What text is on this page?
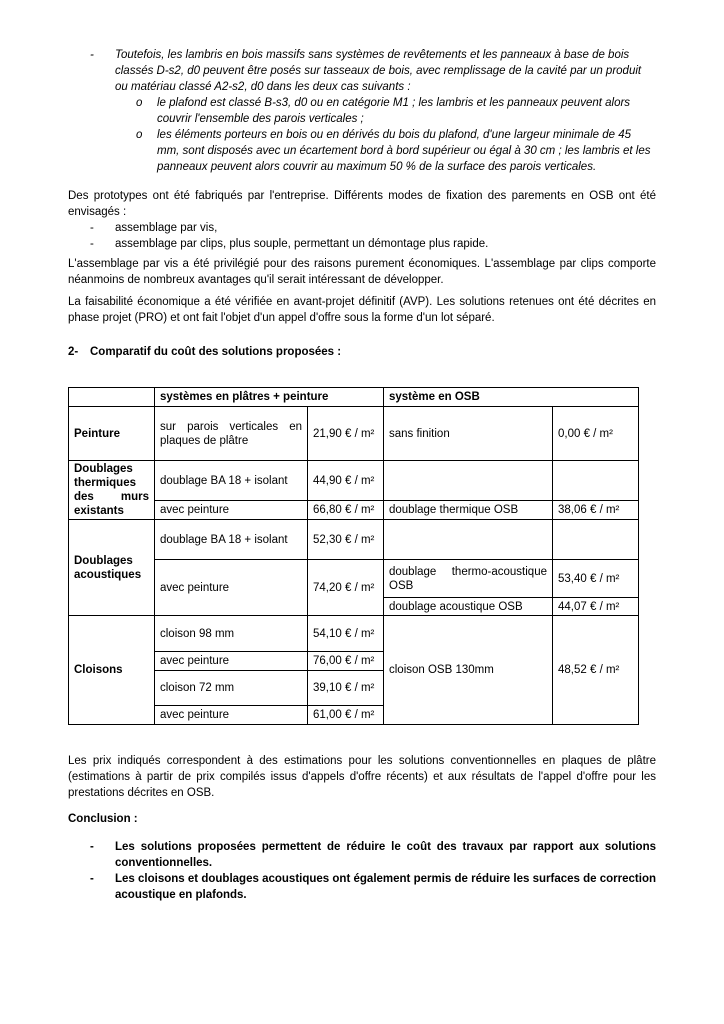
-	Toutefois, les lambris en bois massifs sans systèmes de revêtements et les panneaux à base de bois classés D-s2, d0 peuvent être posés sur tasseaux de bois, avec remplissage de la cavité par un produit ou matériau classé A2-s2, d0 dans les deux cas suivants :
o	le plafond est classé B-s3, d0 ou en catégorie M1 ; les lambris et les panneaux peuvent alors couvrir l'ensemble des parois verticales ;
o	les éléments porteurs en bois ou en dérivés du bois du plafond, d'une largeur minimale de 45 mm, sont disposés avec un écartement bord à bord supérieur ou égal à 30 cm ; les lambris et les panneaux peuvent alors couvrir au maximum 50 % de la surface des parois verticales.

Des prototypes ont été fabriqués par l'entreprise. Différents modes de fixation des parements en OSB ont été envisagés :

-	assemblage par vis,
-	assemblage par clips, plus souple, permettant un démontage plus rapide.

L'assemblage par vis a été privilégié pour des raisons purement économiques. L'assemblage par clips comporte néanmoins de nombreux avantages qu'il serait intéressant de développer.

La faisabilité économique a été vérifiée en avant-projet définitif (AVP). Les solutions retenues ont été décrites en phase projet (PRO) et ont fait l'objet d'un appel d'offre sous la forme d'un lot séparé.

2-	Comparatif du coût des solutions proposées :
	systèmes en plâtres + peinture		système en OSB	
Peinture	sur parois verticales en plaques de plâtre	21,90 € / m²	sans finition	0,00 € / m²
Doublages thermiques des murs existants	doublage BA 18 + isolant	44,90 € / m²		
	avec peinture	66,80 € / m²	doublage thermique OSB	38,06 € / m²
Doublages acoustiques	doublage BA 18 + isolant	52,30 € / m²		
	avec peinture	74,20 € / m²	doublage thermo-acoustique OSB	53,40 € / m²
			doublage acoustique OSB	44,07 € / m²
Cloisons	cloison 98 mm	54,10 € / m²	cloison OSB 130mm	48,52 € / m²
	avec peinture	76,00 € / m²		
	cloison 72 mm	39,10 € / m²		
	avec peinture	61,00 € / m²		

Les prix indiqués correspondent à des estimations pour les solutions conventionnelles en plaques de plâtre (estimations à partir de prix compilés issus d'appels d'offre récents) et aux résultats de l'appel d'offre pour les prestations décrites en OSB.

Conclusion :
-	Les solutions proposées permettent de réduire le coût des travaux par rapport aux solutions conventionnelles.
-	Les cloisons et doublages acoustiques ont également permis de réduire les surfaces de correction acoustique en plafonds.
